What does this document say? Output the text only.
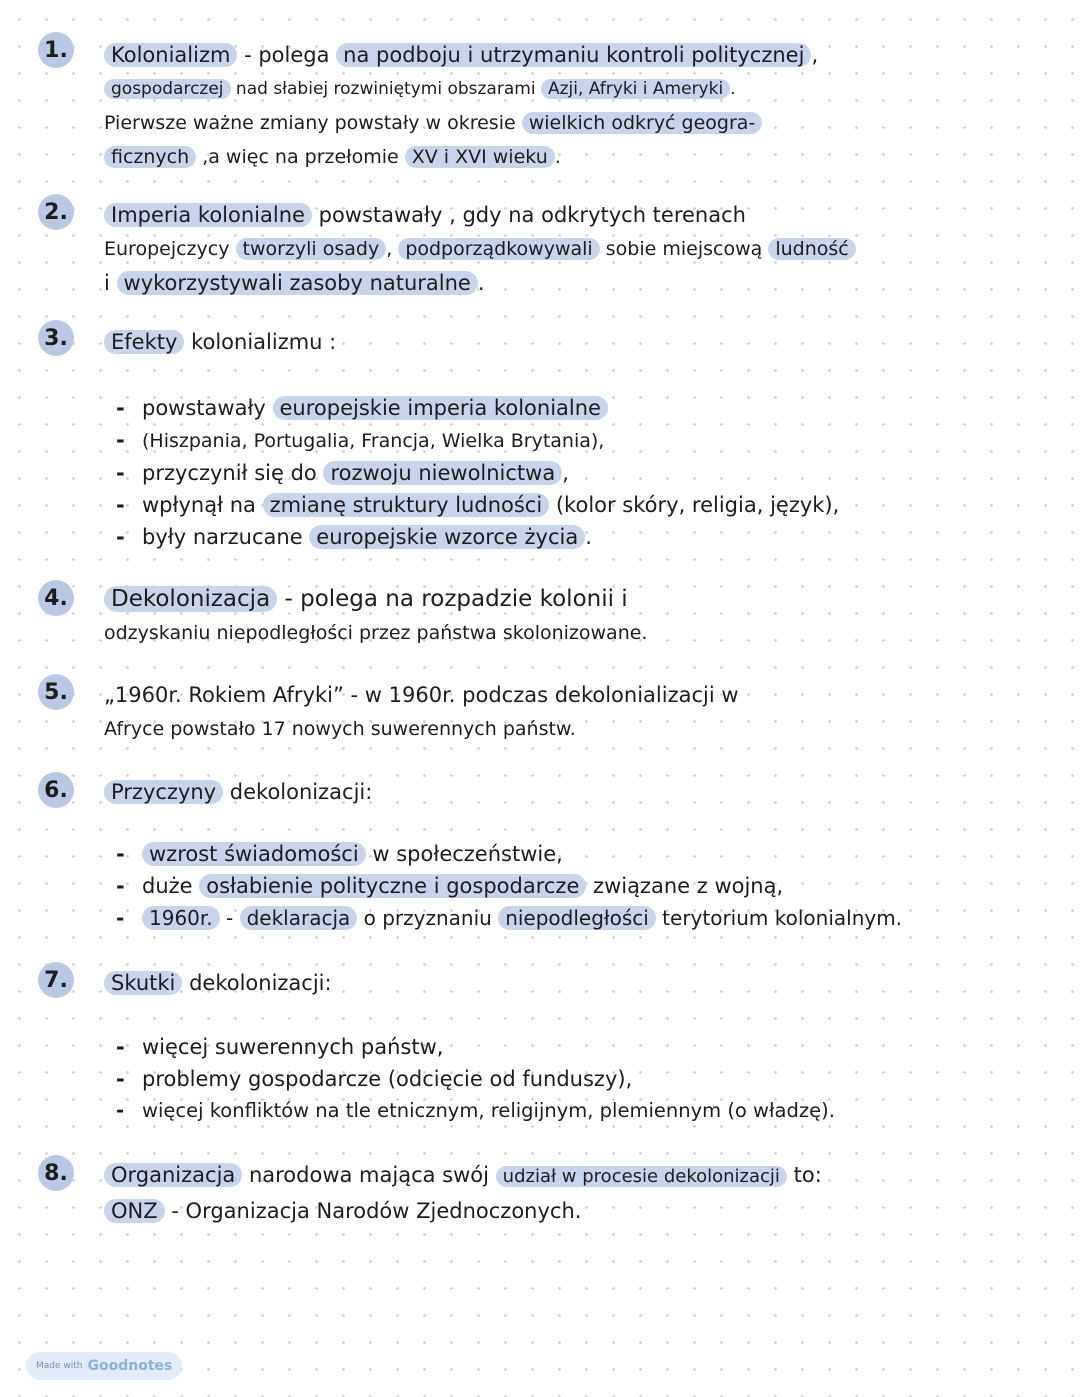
1.	Kolonializm - polega na podboju i utrzymaniu kontroli politycznej ,
gospodarczej nad słabiej rozwiniętymi obszarami Azji, Afryki i Ameryki .
Pierwsze ważne zmiany powstały w okresie wielkich odkryć geogra-
ficznych ,a więc na przełomie XV i XVI wieku .
2.	Imperia kolonialne powstawały , gdy na odkrytych terenach
Europejczycy tworzyli osady , podporządkowywali sobie miejscową ludność
i wykorzystywali zasoby naturalne .
3.	Efekty kolonializmu :
- powstawały europejskie imperia kolonialne
- (Hiszpania, Portugalia, Francja, Wielka Brytania),
- przyczynił się do rozwoju niewolnictwa ,
- wpłynął na zmianę struktury ludności (kolor skóry, religia, język),
- były narzucane europejskie wzorce życia .
4.	Dekolonizacja - polega na rozpadzie kolonii i
odzyskaniu niepodległości przez państwa skolonizowane.
5. „1960r. Rokiem Afryki” - w 1960r. podczas dekolonializacji w
Afryce powstało 17 nowych suwerennych państw.
6.	Przyczyny dekolonizacji:
- wzrost świadomości w społeczeństwie,
- duże osłabienie polityczne i gospodarcze związane z wojną,
- 1960r. - deklaracja o przyznaniu niepodległości terytorium kolonialnym.
7.	Skutki dekolonizacji:
- więcej suwerennych państw,
- problemy gospodarcze (odcięcie od funduszy),
- więcej konfliktów na tle etnicznym, religijnym, plemiennym (o władzę).
8.	Organizacja narodowa mająca swój udział w procesie dekolonizacji to:
ONZ - Organizacja Narodów Zjednoczonych.
Made with Goodnotes
